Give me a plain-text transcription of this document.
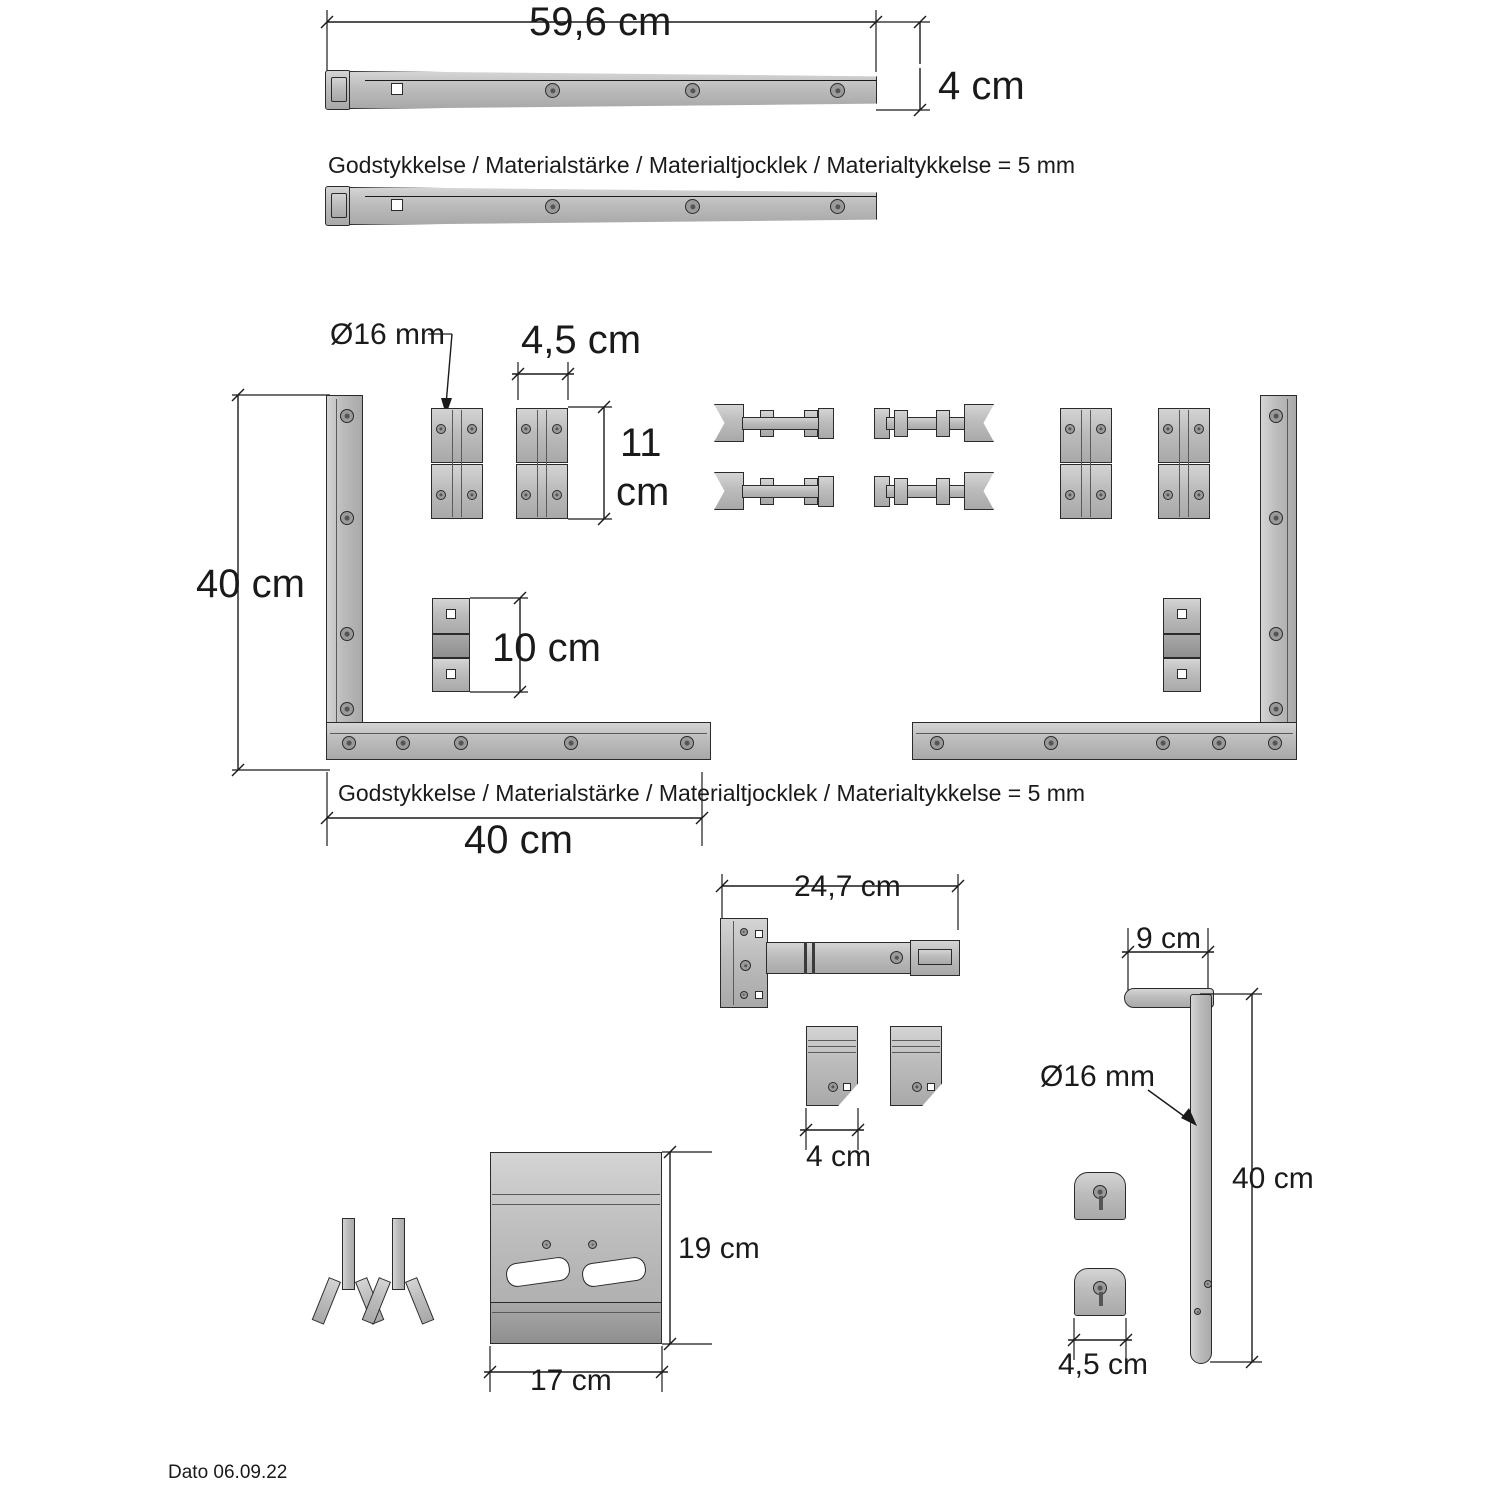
59,6 cm
4 cm
Godstykkelse / Materialstärke / Materialtjocklek / Materialtykkelse = 5 mm
Ø16 mm 4,5 cm
11
cm
40 cm
10 cm
Godstykkelse / Materialstärke / Materialtjocklek / Materialtykkelse = 5 mm
40 cm
24,7 cm
4 cm
9 cm
Ø16 mm
40 cm
4,5 cm
19 cm
17 cm
Dato 06.09.22
